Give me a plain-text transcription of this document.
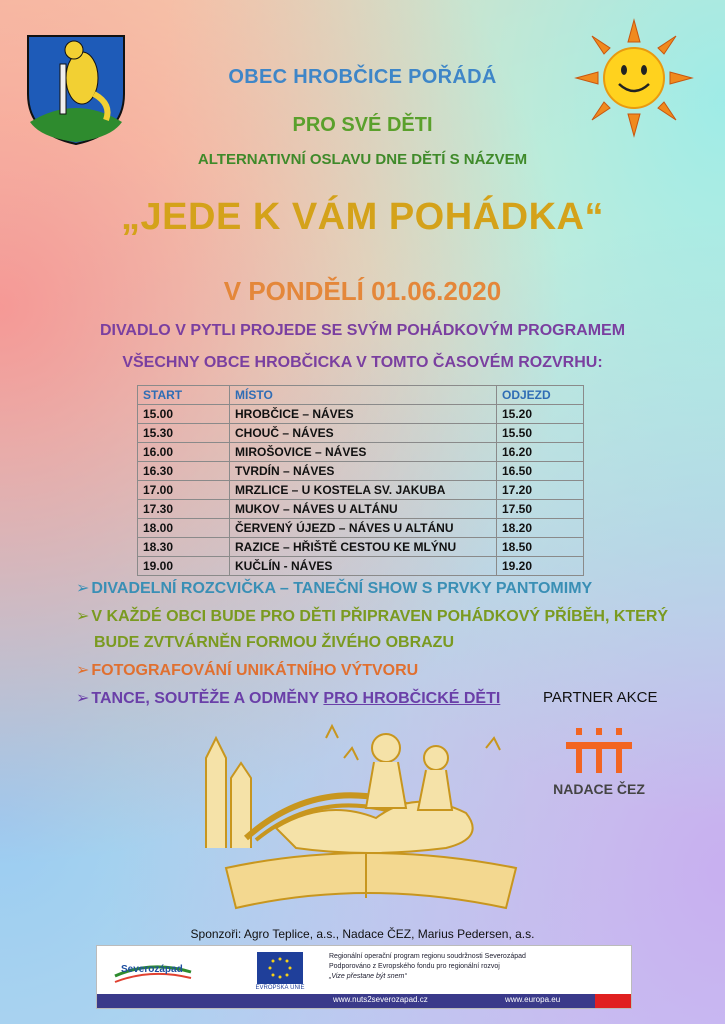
OBEC HROBČICE POŘÁDÁ
PRO SVÉ DĚTI
ALTERNATIVNÍ OSLAVU DNE DĚTÍ S NÁZVEM
„JEDE K VÁM POHÁDKA“
V PONDĚLÍ 01.06.2020
DIVADLO V PYTLI PROJEDE SE SVÝM POHÁDKOVÝM PROGRAMEM
VŠECHNY OBCE HROBČICKA V TOMTO ČASOVÉM ROZVRHU:
START	MÍSTO	ODJEZD
15.00	HROBČICE – NÁVES	15.20
15.30	CHOUČ – NÁVES	15.50
16.00	MIROŠOVICE – NÁVES	16.20
16.30	TVRDÍN – NÁVES	16.50
17.00	MRZLICE – U KOSTELA SV. JAKUBA	17.20
17.30	MUKOV – NÁVES U ALTÁNU	17.50
18.00	ČERVENÝ ÚJEZD – NÁVES U ALTÁNU	18.20
18.30	RAZICE – HŘIŠTĚ CESTOU KE MLÝNU	18.50
19.00	KUČLÍN - NÁVES	19.20
➢ DIVADELNÍ ROZCVIČKA – TANEČNÍ SHOW S PRVKY PANTOMIMY
➢ V KAŽDÉ OBCI BUDE PRO DĚTI PŘIPRAVEN POHÁDKOVÝ PŘÍBĚH, KTERÝ
BUDE ZVTVÁRNĚN FORMOU ŽIVÉHO OBRAZU
➢ FOTOGRAFOVÁNÍ UNIKÁTNÍHO VÝTVORU
➢ TANCE, SOUTĚŽE A ODMĚNY PRO HROBČICKÉ DĚTI	PARTNER AKCE
NADACE ČEZ
Sponzoři: Agro Teplice, a.s., Nadace ČEZ, Marius Pedersen, a.s.
Severozápad
EVROPSKÁ UNIE
Regionální operační program regionu soudržnosti Severozápad
Podporováno z Evropského fondu pro regionální rozvoj
„Vize přestane být snem“
www.nuts2severozapad.cz	www.europa.eu
